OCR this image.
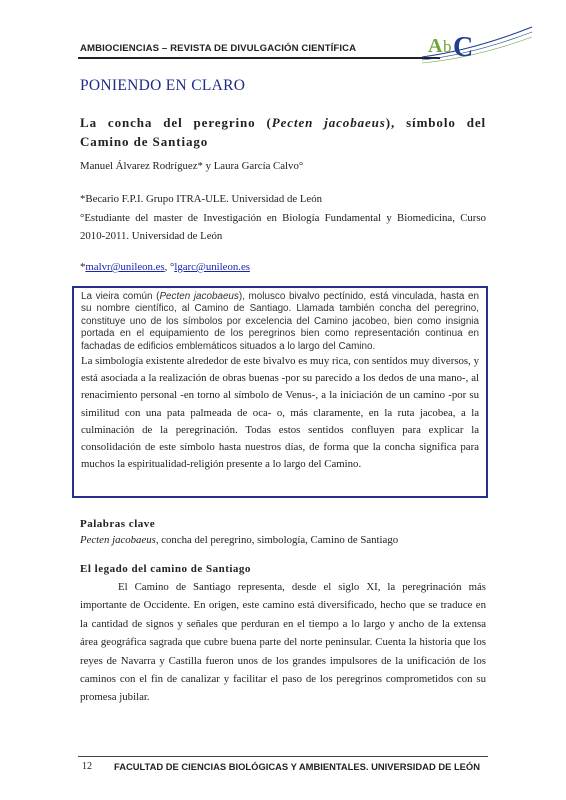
AMBIOCIENCIAS – REVISTA DE DIVULGACIÓN CIENTÍFICA	A b C
PONIENDO EN CLARO
La concha del peregrino (Pecten jacobaeus), símbolo del Camino de Santiago
Manuel Álvarez Rodríguez* y Laura García Calvo°
*Becario F.P.I. Grupo ITRA-ULE. Universidad de León
°Estudiante del master de Investigación en Biología Fundamental y Biomedicina, Curso 2010-2011. Universidad de León
*malvr@unileon.es, °lgarc@unileon.es

La vieira común (Pecten jacobaeus), molusco bivalvo pectínido, está vinculada, hasta en su nombre científico, al Camino de Santiago. Llamada también concha del peregrino, constituye uno de los símbolos por excelencia del Camino jacobeo, bien como insignia portada en el equipamiento de los peregrinos bien como representación continua en fachadas de edificios emblemáticos situados a lo largo del Camino.

La simbología existente alrededor de este bivalvo es muy rica, con sentidos muy diversos, y está asociada a la realización de obras buenas -por su parecido a los dedos de una mano-, al renacimiento personal -en torno al símbolo de Venus-, a la iniciación de un camino -por su similitud con una pata palmeada de oca- o, más claramente, en la ruta jacobea, a la culminación de la peregrinación. Todas estos sentidos confluyen para explicar la consolidación de este símbolo hasta nuestros días, de forma que la concha significa para muchos la espiritualidad-religión presente a lo largo del Camino.

Palabras clave
Pecten jacobaeus, concha del peregrino, simbología, Camino de Santiago
El legado del camino de Santiago

El Camino de Santiago representa, desde el siglo XI, la peregrinación más importante de Occidente. En origen, este camino está diversificado, hecho que se traduce en la cantidad de signos y señales que perduran en el tiempo a lo largo y ancho de la extensa área geográfica sagrada que cubre buena parte del norte peninsular. Cuenta la historia que los reyes de Navarra y Castilla fueron unos de los grandes impulsores de la unificación de los caminos con el fin de canalizar y facilitar el paso de los peregrinos comprometidos con su promesa jubilar.

12 FACULTAD DE CIENCIAS BIOLÓGICAS Y AMBIENTALES. UNIVERSIDAD DE LEÓN
